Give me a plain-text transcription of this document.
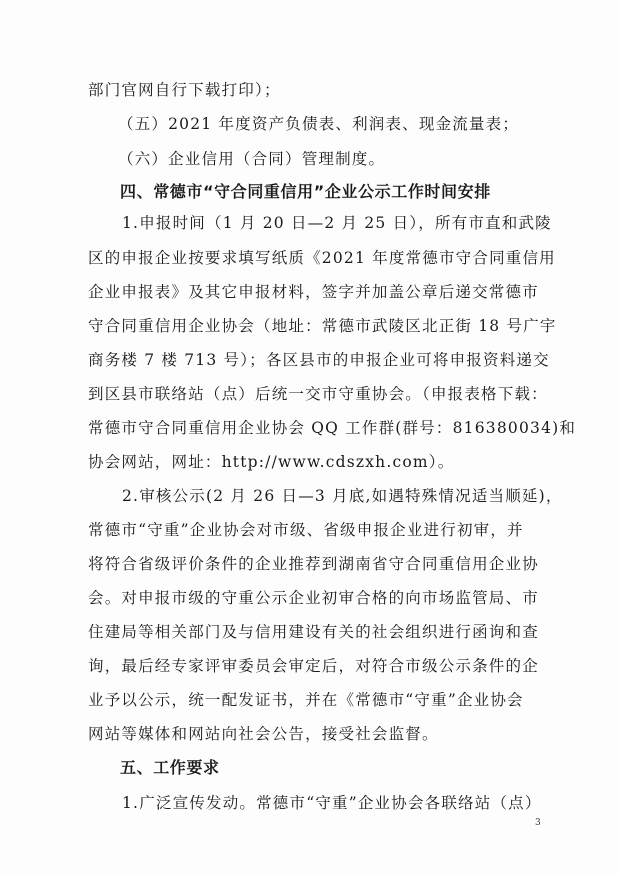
部门官网自行下载打印）；
（五）2021 年度资产负债表、利润表、现金流量表；
（六）企业信用（合同）管理制度。
四、常德市“守合同重信用”企业公示工作时间安排
1.申报时间（1 月 20 日—2 月 25 日），所有市直和武陵
区的申报企业按要求填写纸质《2021 年度常德市守合同重信用
企业申报表》及其它申报材料，签字并加盖公章后递交常德市
守合同重信用企业协会（地址：常德市武陵区北正街 18 号广宇
商务楼 7 楼 713 号）；各区县市的申报企业可将申报资料递交
到区县市联络站（点）后统一交市守重协会。（申报表格下载：
常德市守合同重信用企业协会 QQ 工作群(群号：816380034)和
协会网站，网址：http://www.cdszxh.com）。
2.审核公示(2 月 26 日—3 月底,如遇特殊情况适当顺延)，
常德市“守重”企业协会对市级、省级申报企业进行初审，并
将符合省级评价条件的企业推荐到湖南省守合同重信用企业协
会。对申报市级的守重公示企业初审合格的向市场监管局、市
住建局等相关部门及与信用建设有关的社会组织进行函询和查
询，最后经专家评审委员会审定后，对符合市级公示条件的企
业予以公示，统一配发证书，并在《常德市“守重”企业协会
网站等媒体和网站向社会公告，接受社会监督。
五、工作要求
1.广泛宣传发动。常德市“守重”企业协会各联络站（点）
3
